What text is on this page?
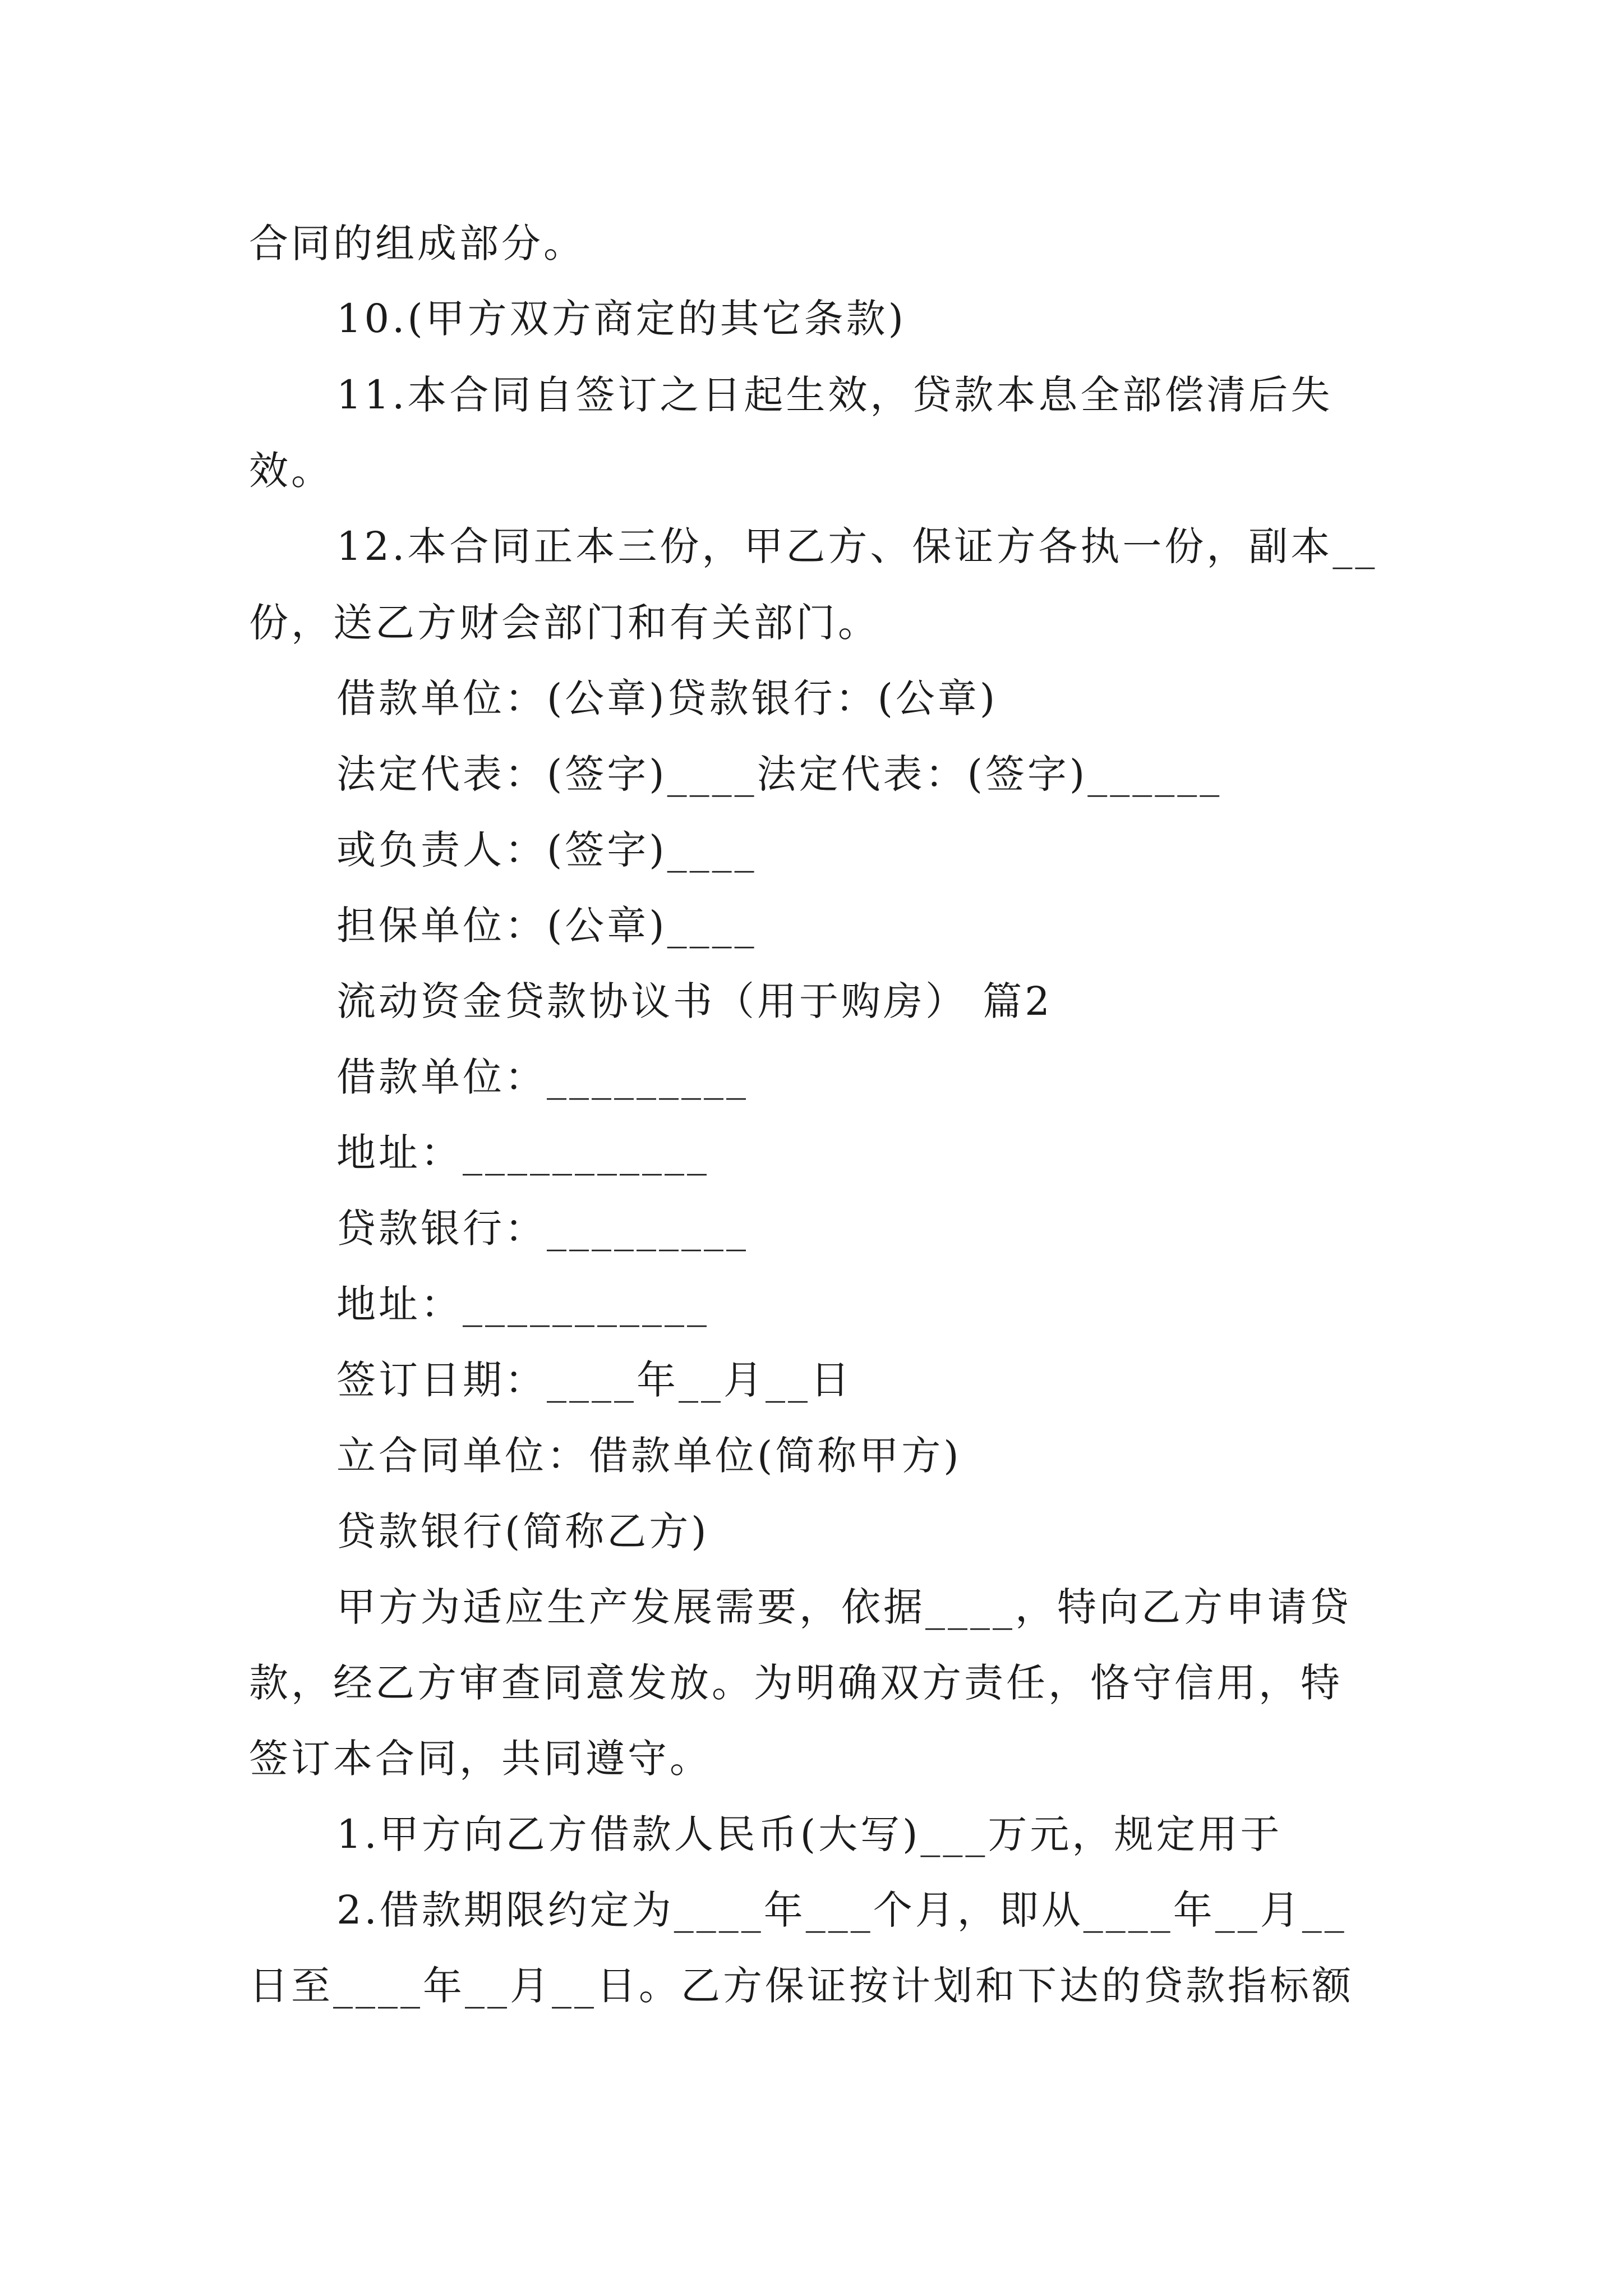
合同的组成部分。
10.(甲方双方商定的其它条款)
11.本合同自签订之日起生效，贷款本息全部偿清后失
效。
12.本合同正本三份，甲乙方、保证方各执一份，副本__
份，送乙方财会部门和有关部门。
借款单位：(公章)贷款银行：(公章)
法定代表：(签字)____法定代表：(签字)______
或负责人：(签字)____
担保单位：(公章)____
流动资金贷款协议书（用于购房） 篇2
借款单位：_________
地址：___________
贷款银行：_________
地址：___________
签订日期：____年__月__日
立合同单位：借款单位(简称甲方)
贷款银行(简称乙方)
甲方为适应生产发展需要，依据____，特向乙方申请贷
款，经乙方审查同意发放。为明确双方责任，恪守信用，特
签订本合同，共同遵守。
1.甲方向乙方借款人民币(大写)___万元，规定用于
2.借款期限约定为____年___个月，即从____年__月__
日至____年__月__日。乙方保证按计划和下达的贷款指标额
